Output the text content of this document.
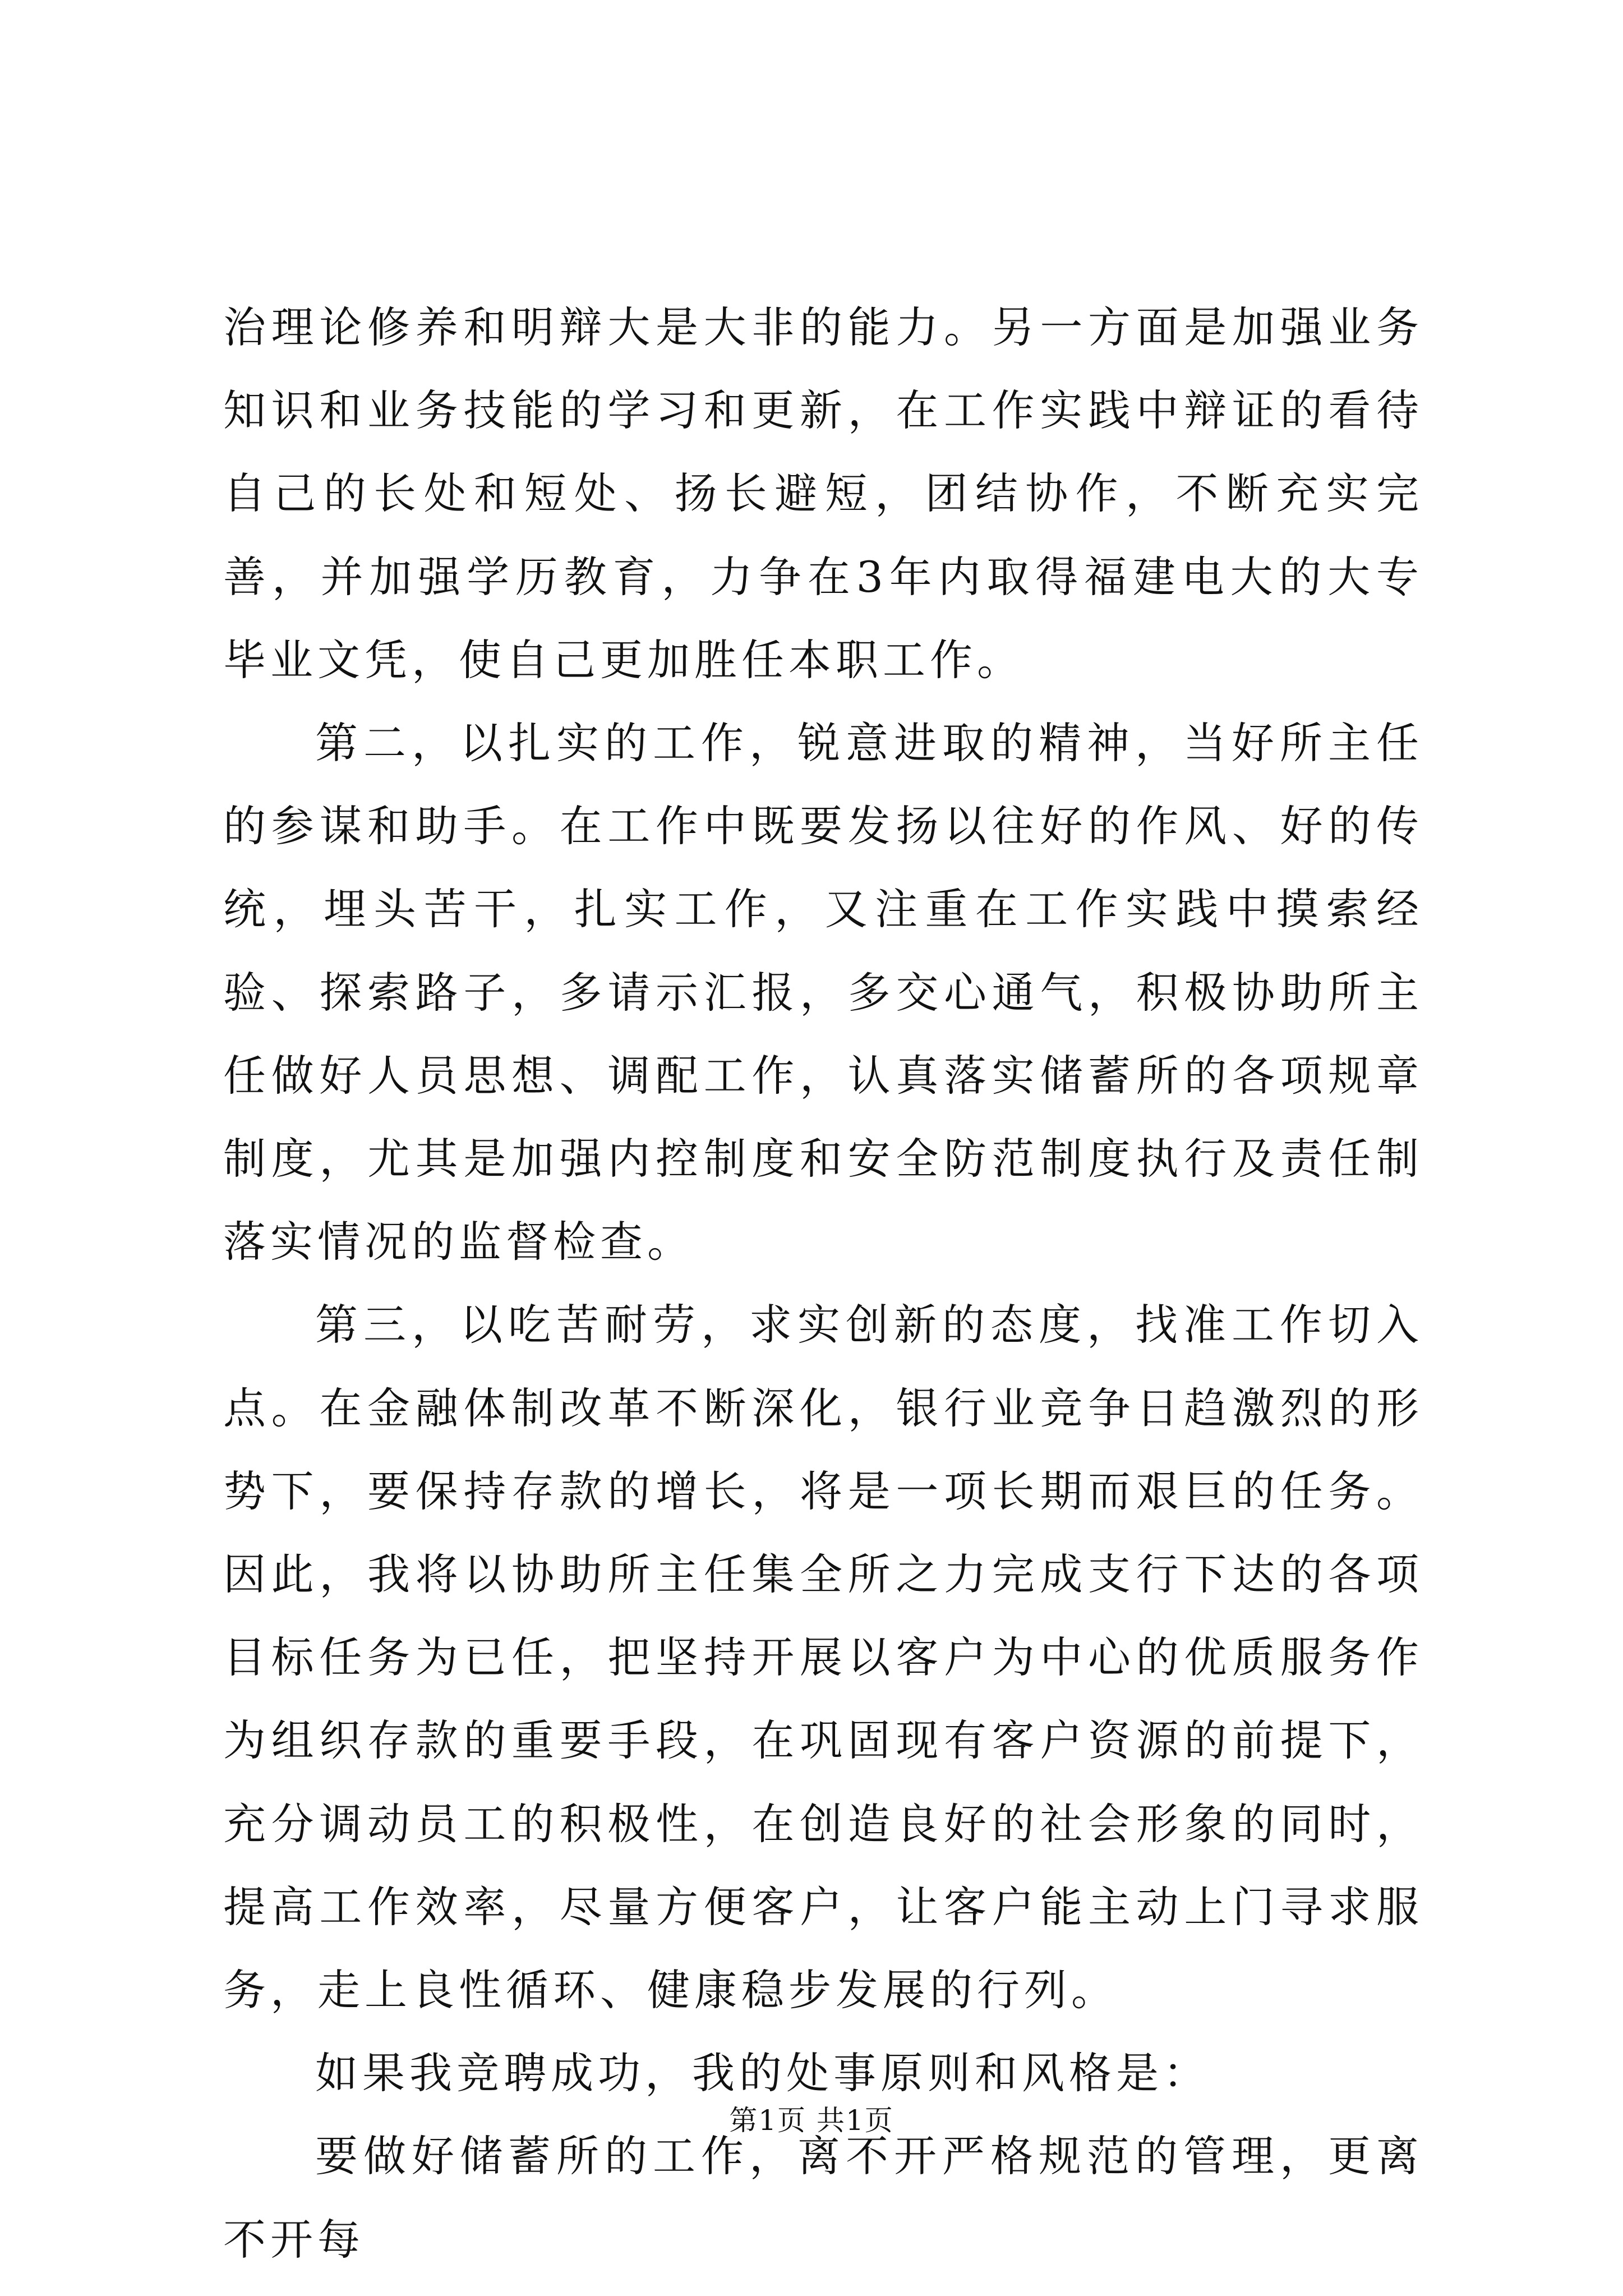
治理论修养和明辩大是大非的能力。另一方面是加强业务知识和业务技能的学习和更新，在工作实践中辩证的看待自己的长处和短处、扬长避短，团结协作，不断充实完善，并加强学历教育，力争在3年内取得福建电大的大专毕业文凭，使自己更加胜任本职工作。

第二，以扎实的工作，锐意进取的精神，当好所主任的参谋和助手。在工作中既要发扬以往好的作风、好的传统，埋头苦干，扎实工作，又注重在工作实践中摸索经验、探索路子，多请示汇报，多交心通气，积极协助所主任做好人员思想、调配工作，认真落实储蓄所的各项规章制度，尤其是加强内控制度和安全防范制度执行及责任制落实情况的监督检查。

第三，以吃苦耐劳，求实创新的态度，找准工作切入点。在金融体制改革不断深化，银行业竞争日趋激烈的形势下，要保持存款的增长，将是一项长期而艰巨的任务。因此，我将以协助所主任集全所之力完成支行下达的各项目标任务为已任，把坚持开展以客户为中心的优质服务作为组织存款的重要手段，在巩固现有客户资源的前提下，充分调动员工的积极性，在创造良好的社会形象的同时，提高工作效率，尽量方便客户，让客户能主动上门寻求服务，走上良性循环、健康稳步发展的行列。

如果我竞聘成功，我的处事原则和风格是：

要做好储蓄所的工作，离不开严格规范的管理，更离不开每

第1页 共1页
